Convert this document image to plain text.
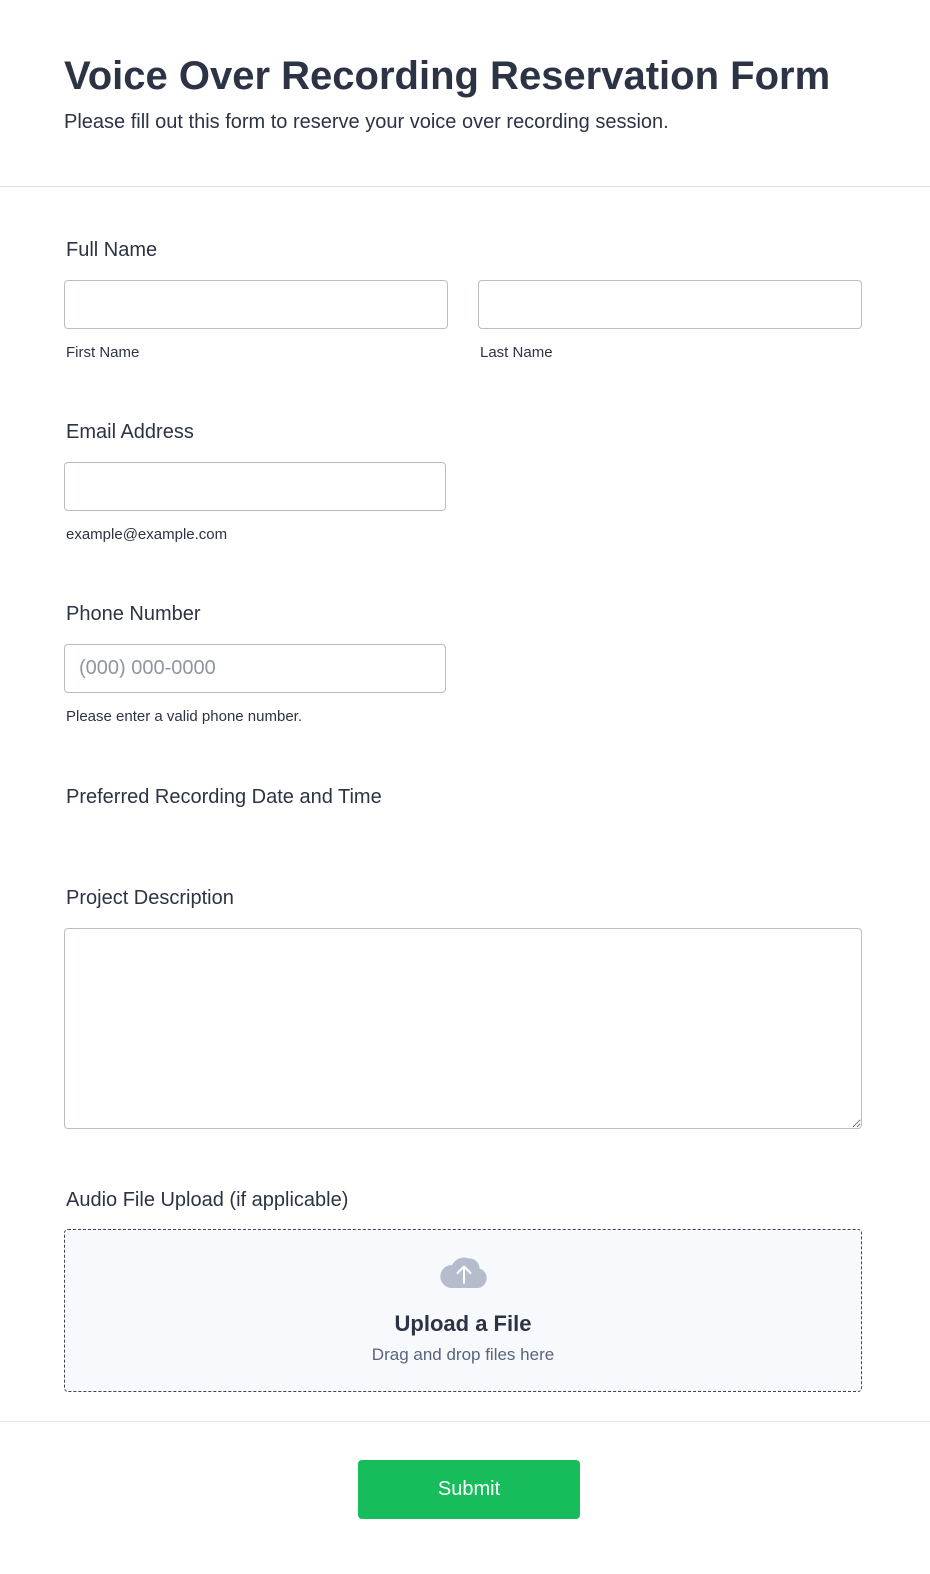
Voice Over Recording Reservation Form

Please fill out this form to reserve your voice over recording session.

Full Name
First Name	Last Name
Email Address
example@example.com
Phone Number
(000) 000-0000
Please enter a valid phone number.
Preferred Recording Date and Time
Project Description
Audio File Upload (if applicable)
Upload a File
Drag and drop files here
Submit
